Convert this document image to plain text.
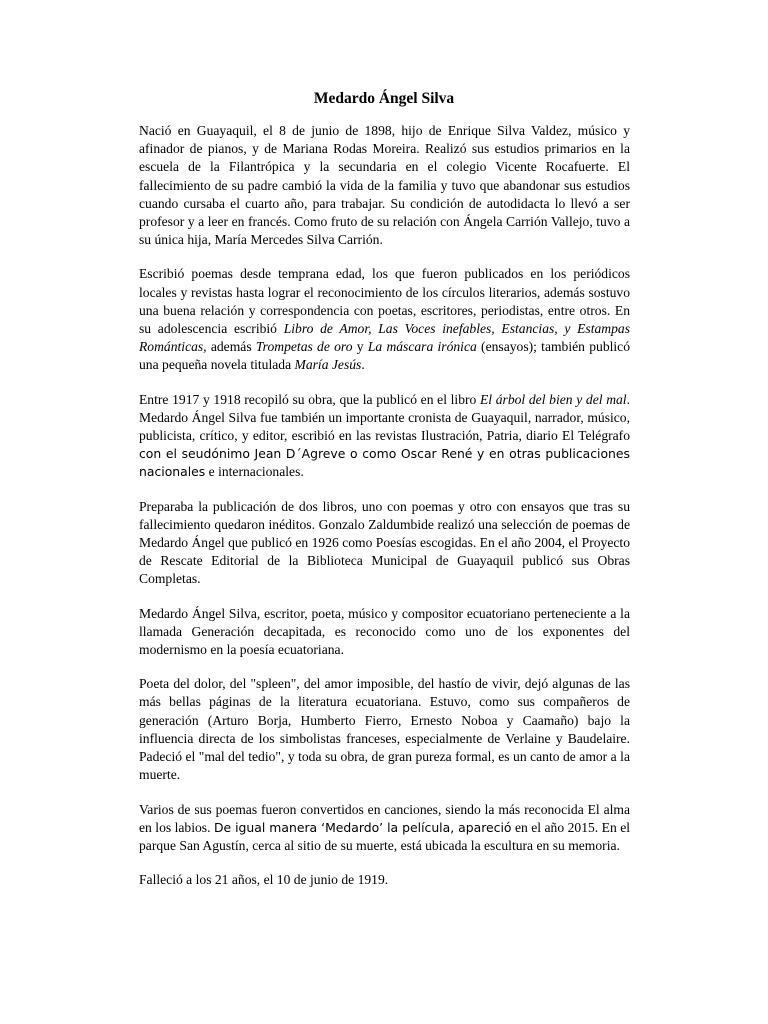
Medardo Ángel Silva

Nació en Guayaquil, el 8 de junio de 1898, hijo de Enrique Silva Valdez, músico y afinador de pianos, y de Mariana Rodas Moreira. Realizó sus estudios primarios en la escuela de la Filantrópica y la secundaria en el colegio Vicente Rocafuerte. El fallecimiento de su padre cambió la vida de la familia y tuvo que abandonar sus estudios cuando cursaba el cuarto año, para trabajar. Su condición de autodidacta lo llevó a ser profesor y a leer en francés. Como fruto de su relación con Ángela Carrión Vallejo, tuvo a su única hija, María Mercedes Silva Carrión.

Escribió poemas desde temprana edad, los que fueron publicados en los periódicos locales y revistas hasta lograr el reconocimiento de los círculos literarios, además sostuvo una buena relación y correspondencia con poetas, escritores, periodistas, entre otros. En su adolescencia escribió Libro de Amor, Las Voces inefables, Estancias, y Estampas Románticas, además Trompetas de oro y La máscara irónica (ensayos); también publicó una pequeña novela titulada María Jesús.

Entre 1917 y 1918 recopiló su obra, que la publicó en el libro El árbol del bien y del mal. Medardo Ángel Silva fue también un importante cronista de Guayaquil, narrador, músico, publicista, crítico, y editor, escribió en las revistas Ilustración, Patria, diario El Telégrafo con el seudónimo Jean D´Agreve o como Oscar René y en otras publicaciones nacionales e internacionales.

Preparaba la publicación de dos libros, uno con poemas y otro con ensayos que tras su fallecimiento quedaron inéditos. Gonzalo Zaldumbide realizó una selección de poemas de Medardo Ángel que publicó en 1926 como Poesías escogidas. En el año 2004, el Proyecto de Rescate Editorial de la Biblioteca Municipal de Guayaquil publicó sus Obras Completas.

Medardo Ángel Silva, escritor, poeta, músico y compositor ecuatoriano perteneciente a la llamada Generación decapitada, es reconocido como uno de los exponentes del modernismo en la poesía ecuatoriana.

Poeta del dolor, del "spleen", del amor imposible, del hastío de vivir, dejó algunas de las más bellas páginas de la literatura ecuatoriana. Estuvo, como sus compañeros de generación (Arturo Borja, Humberto Fierro, Ernesto Noboa y Caamaño) bajo la influencia directa de los simbolistas franceses, especialmente de Verlaine y Baudelaire. Padeció el "mal del tedio", y toda su obra, de gran pureza formal, es un canto de amor a la muerte.

Varios de sus poemas fueron convertidos en canciones, siendo la más reconocida El alma en los labios. De igual manera ‘Medardo’ la película, apareció en el año 2015. En el parque San Agustín, cerca al sitio de su muerte, está ubicada la escultura en su memoria.

Falleció a los 21 años, el 10 de junio de 1919.
